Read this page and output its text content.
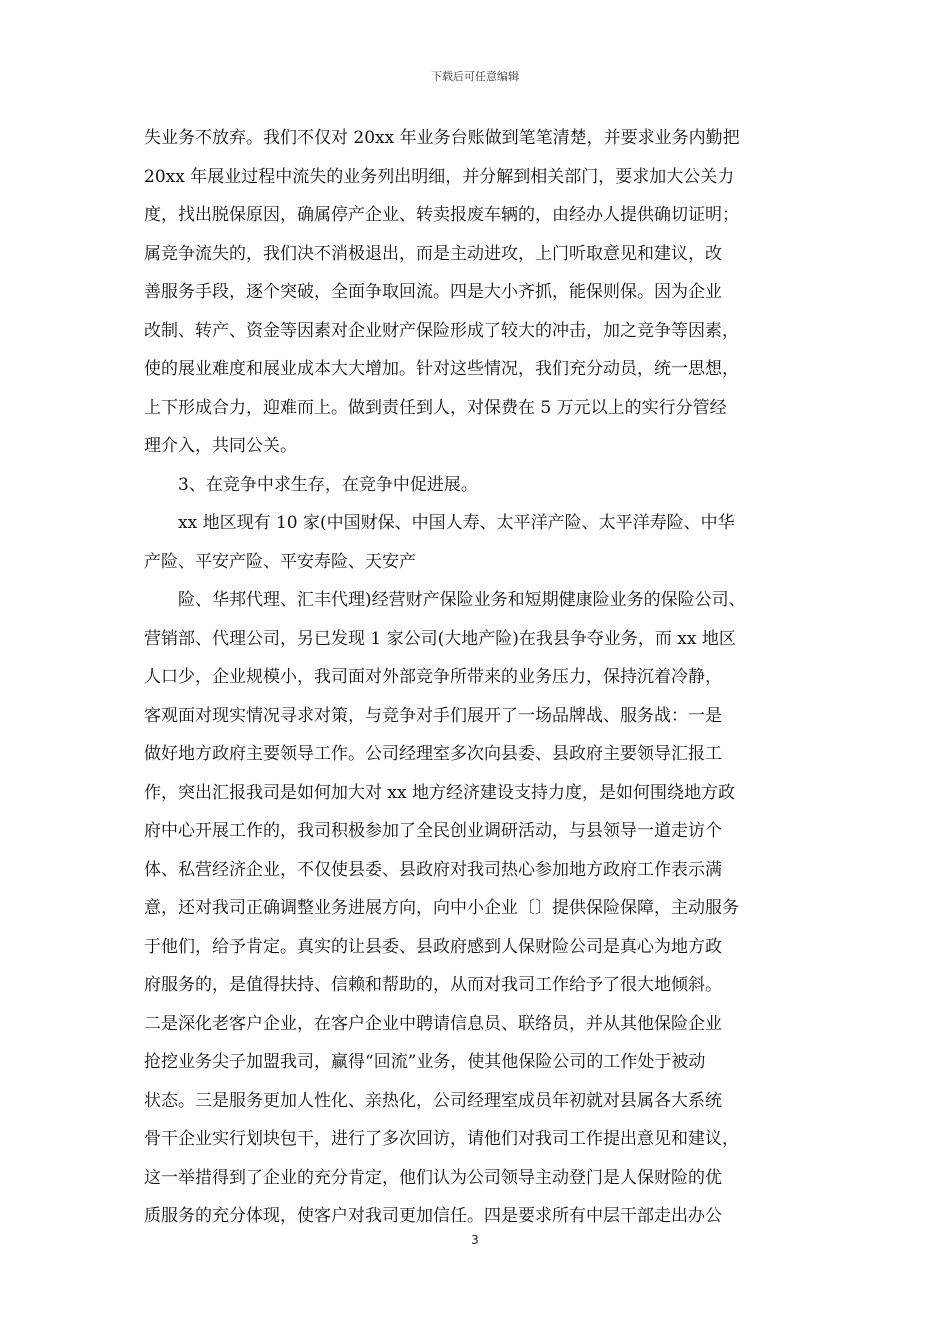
下载后可任意编辑
失业务不放弃。我们不仅对 20xx 年业务台账做到笔笔清楚，并要求业务内勤把
20xx 年展业过程中流失的业务列出明细，并分解到相关部门，要求加大公关力
度，找出脱保原因，确属停产企业、转卖报废车辆的，由经办人提供确切证明；
属竞争流失的，我们决不消极退出，而是主动进攻，上门听取意见和建议，改
善服务手段，逐个突破，全面争取回流。四是大小齐抓，能保则保。因为企业
改制、转产、资金等因素对企业财产保险形成了较大的冲击，加之竞争等因素，
使的展业难度和展业成本大大增加。针对这些情况，我们充分动员，统一思想，
上下形成合力，迎难而上。做到责任到人，对保费在 5 万元以上的实行分管经
理介入，共同公关。
3、在竞争中求生存，在竞争中促进展。
xx 地区现有 10 家(中国财保、中国人寿、太平洋产险、太平洋寿险、中华
产险、平安产险、平安寿险、天安产
险、华邦代理、汇丰代理)经营财产保险业务和短期健康险业务的保险公司、
营销部、代理公司，另已发现 1 家公司(大地产险)在我县争夺业务，而 xx 地区
人口少，企业规模小，我司面对外部竞争所带来的业务压力，保持沉着冷静，
客观面对现实情况寻求对策，与竞争对手们展开了一场品牌战、服务战：一是
做好地方政府主要领导工作。公司经理室多次向县委、县政府主要领导汇报工
作，突出汇报我司是如何加大对 xx 地方经济建设支持力度，是如何围绕地方政
府中心开展工作的，我司积极参加了全民创业调研活动，与县领导一道走访个
体、私营经济企业，不仅使县委、县政府对我司热心参加地方政府工作表示满
意，还对我司正确调整业务进展方向，向中小企业〔〕提供保险保障，主动服务
于他们，给予肯定。真实的让县委、县政府感到人保财险公司是真心为地方政
府服务的，是值得扶持、信赖和帮助的，从而对我司工作给予了很大地倾斜。
二是深化老客户企业，在客户企业中聘请信息员、联络员，并从其他保险企业
抢挖业务尖子加盟我司，赢得“回流”业务，使其他保险公司的工作处于被动
状态。三是服务更加人性化、亲热化，公司经理室成员年初就对县属各大系统
骨干企业实行划块包干，进行了多次回访，请他们对我司工作提出意见和建议，
这一举措得到了企业的充分肯定，他们认为公司领导主动登门是人保财险的优
质服务的充分体现，使客户对我司更加信任。四是要求所有中层干部走出办公
3
